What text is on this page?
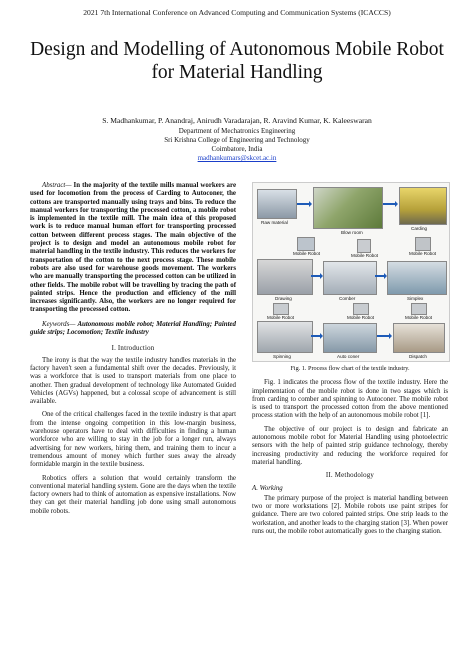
2021 7th International Conference on Advanced Computing and Communication Systems (ICACCS)
Design and Modelling of Autonomous Mobile Robot for Material Handling
S. Madhankumar, P. Anandraj, Anirudh Varadarajan, R. Aravind Kumar, K. Kaleeswaran
Department of Mechatronics Engineering
Sri Krishna College of Engineering and Technology
Coimbatore, India
madhankumars@skcet.ac.in

Abstract— In the majority of the textile mills manual workers are used for locomotion from the process of Carding to Autoconer, the cottons are transported manually using trays and bins. To reduce the manual workers for transporting the processed cotton, a mobile robot is implemented in the textile mill. The main idea of this proposed work is to reduce manual human effort for transporting processed cotton between different process stages. The main objective of the project is to design and model an autonomous mobile robot for material handling in the textile industry. This reduces the workers for transportation of the cotton to the next process stage. These mobile robots are also used for warehouse goods movement. The workers who are manually transporting the processed cotton can be utilized in other fields. The mobile robot will be travelling by tracing the path of painted strips. Hence the production and efficiency of the mill increases significantly. Also, the workers are no longer required for transporting the processed cotton.

Keywords— Autonomous mobile robot; Material Handling; Painted guide strips; Locomotion; Textile industry

I. Introduction

The irony is that the way the textile industry handles materials in the factory haven't seen a fundamental shift over the decades. Previously, it was a workforce that is used to transport materials from one place to another. Then gradual development of technology like Automated Guided Vehicles (AGVs) happened, but a colossal scope of advancement is still available.

One of the critical challenges faced in the textile industry is that apart from the intense ongoing competition in this low-margin business, warehouse operators have to deal with difficulties in finding a human workforce who are willing to stay in the job for a longer run, always advertising for new workers, hiring them, and training them to incur a tremendous amount of money which further sues away the already formidable margin in the textile business.

Robotics offers a solution that would certainly transform the conventional material handling system. Gone are the days when the textile factory owners had to think of automation as expensive installations. Now they can get their material handling job done using small autonomous mobile robots.

Raw material
Blow room
Carding
Mobile Robot	Mobile Robot	Mobile Robot
Drawing	Comber	Simplex
Mobile Robot	Mobile Robot	Mobile Robot
Spinning	Auto coner	Dispatch
Fig. 1. Process flow chart of the textile industry.

Fig. 1 indicates the process flow of the textile industry. Here the implementation of the mobile robot is done in two stages which is from carding to comber and spinning to Autoconer. The mobile robot is used to transport the processed cotton from the above mentioned process station with the help of an autonomous mobile robot [1].

The objective of our project is to design and fabricate an autonomous mobile robot for Material Handling using photoelectric sensors with the help of painted strip guidance technology, thereby increasing productivity and reducing the workforce required for material handling.

II. Methodology
A. Working

The primary purpose of the project is material handling between two or more workstations [2]. Mobile robots use paint stripes for guidance. There are two colored painted strips. One strip leads to the workstation, and another leads to the charging station [3]. When power runs out, the mobile robot automatically goes to the charging station.
